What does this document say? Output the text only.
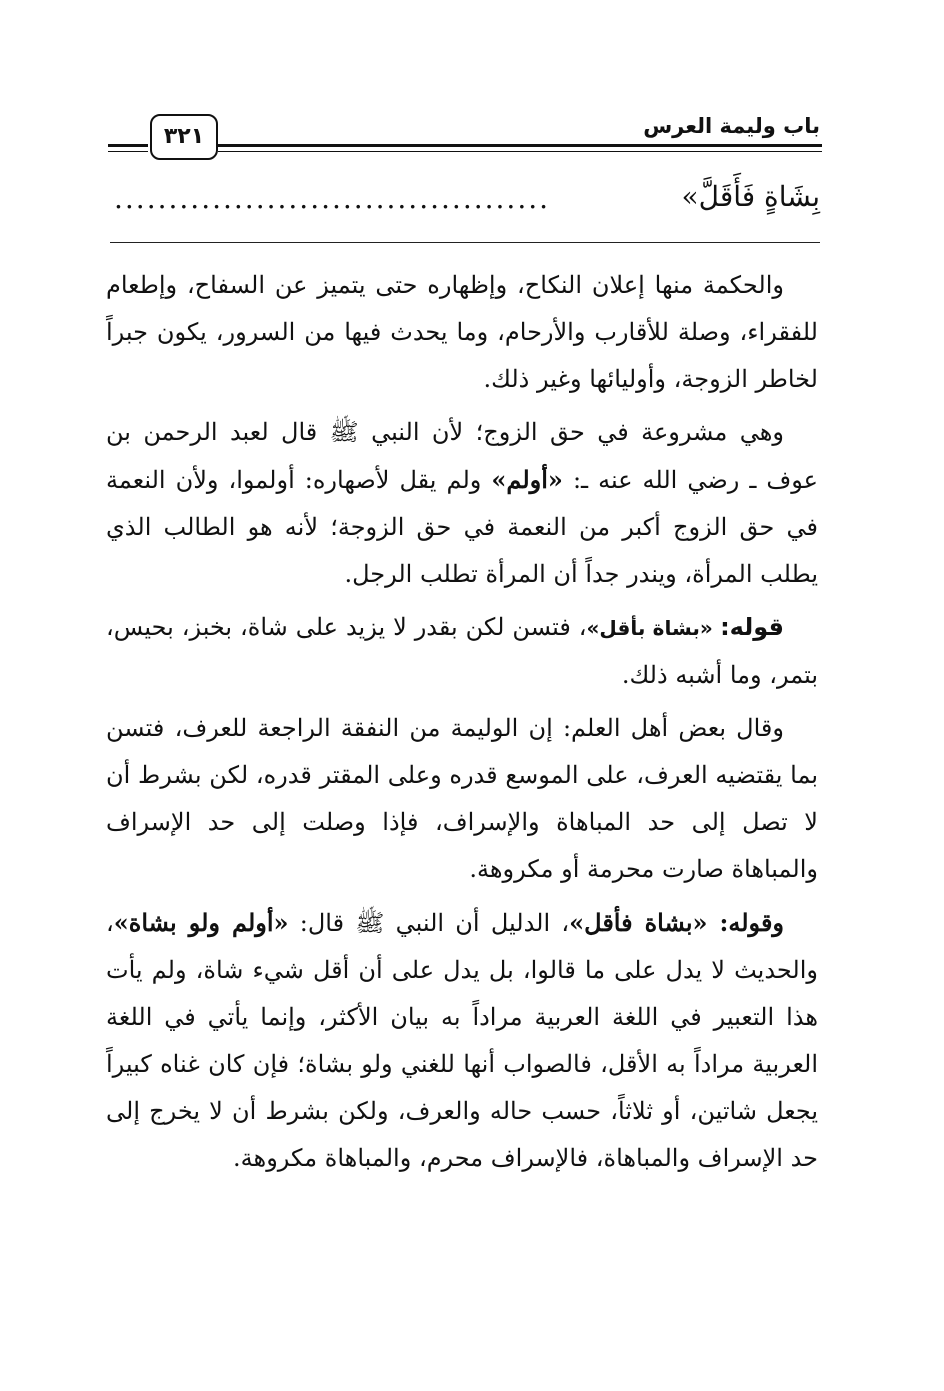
٣٢١	باب وليمة العرس
بِشَاةٍ فَأَقَلَّ»
........................................

والحكمة منها إعلان النكاح، وإظهاره حتى يتميز عن السفاح، وإطعام للفقراء، وصلة للأقارب والأرحام، وما يحدث فيها من السرور، يكون جبراً لخاطر الزوجة، وأوليائها وغير ذلك.

وهي مشروعة في حق الزوج؛ لأن النبي ﷺ قال لعبد الرحمن بن عوف ـ رضي الله عنه ـ: «أولم» ولم يقل لأصهاره: أولموا، ولأن النعمة في حق الزوج أكبر من النعمة في حق الزوجة؛ لأنه هو الطالب الذي يطلب المرأة، ويندر جداً أن المرأة تطلب الرجل.

قوله: «بشاة بأقل»، فتسن لكن بقدر لا يزيد على شاة، بخبز، بحيس، بتمر، وما أشبه ذلك.

وقال بعض أهل العلم: إن الوليمة من النفقة الراجعة للعرف، فتسن بما يقتضيه العرف، على الموسع قدره وعلى المقتر قدره، لكن بشرط أن لا تصل إلى حد المباهاة والإسراف، فإذا وصلت إلى حد الإسراف والمباهاة صارت محرمة أو مكروهة.

وقوله: «بشاة فأقل»، الدليل أن النبي ﷺ قال: «أولم ولو بشاة»، والحديث لا يدل على ما قالوا، بل يدل على أن أقل شيء شاة، ولم يأت هذا التعبير في اللغة العربية مراداً به بيان الأكثر، وإنما يأتي في اللغة العربية مراداً به الأقل، فالصواب أنها للغني ولو بشاة؛ فإن كان غناه كبيراً يجعل شاتين، أو ثلاثاً، حسب حاله والعرف، ولكن بشرط أن لا يخرج إلى حد الإسراف والمباهاة، فالإسراف محرم، والمباهاة مكروهة.
